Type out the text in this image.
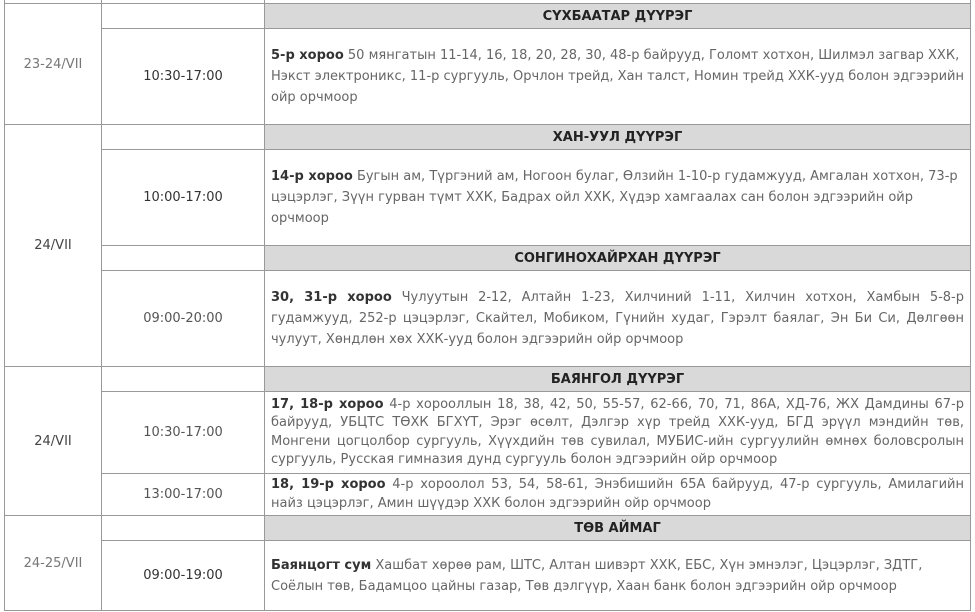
23-24/VII		СҮХБААТАР ДҮҮРЭГ
	10:30-17:00	5-р хороо 50 мянгатын 11-14, 16, 18, 20, 28, 30, 48-р байрууд, Голомт хотхон, Шилмэл загвар ХХК, Нэкст электроникс, 11-р сургууль, Орчлон трейд, Хан талст, Номин трейд ХХК-ууд болон эдгээрийн ойр орчмоор
24/VII		ХАН-УУЛ ДҮҮРЭГ
	10:00-17:00	14-р хороо Бугын ам, Түргэний ам, Ногоон булаг, Өлзийн 1-10-р гудамжууд, Амгалан хотхон, 73-р цэцэрлэг, Зүүн гурван түмт ХХК, Бадрах ойл ХХК, Хүдэр хамгаалах сан болон эдгээрийн ойр орчмоор
		СОНГИНОХАЙРХАН ДҮҮРЭГ
	09:00-20:00	30, 31-р хороо Чулуутын 2-12, Алтайн 1-23, Хилчиний 1-11, Хилчин хотхон, Хамбын 5-8-р гудамжууд, 252-р цэцэрлэг, Скайтел, Мобиком, Гүнийн худаг, Гэрэлт баялаг, Эн Би Си, Дөлгөөн чулуут, Хөндлөн хөх ХХК-ууд болон эдгээрийн ойр орчмоор
24/VII		БАЯНГОЛ ДҮҮРЭГ
	10:30-17:00	17, 18-р хороо 4-р хорооллын 18, 38, 42, 50, 55-57, 62-66, 70, 71, 86А, ХД-76, ЖХ Дамдины 67-р байрууд, УБЦТС ТӨХК БГХҮТ, Эрэг өсөлт, Дэлгэр хүр трейд ХХК-ууд, БГД эрүүл мэндийн төв, Монгени цогцолбор сургууль, Хүүхдийн төв сувилал, МУБИС-ийн сургуулийн өмнөх боловсролын сургууль, Русская гимназия дунд сургууль болон эдгээрийн ойр орчмоор
	13:00-17:00	18, 19-р хороо 4-р хороолол 53, 54, 58-61, Энэбишийн 65А байрууд, 47-р сургууль, Амилагийн найз цэцэрлэг, Амин шүүдэр ХХК болон эдгээрийн ойр орчмоор
24-25/VII		ТӨВ АЙМАГ
	09:00-19:00	Баянцогт сум Хашбат хөрөө рам, ШТС, Алтан шивэрт ХХК, ЕБС, Хүн эмнэлэг, Цэцэрлэг, ЗДТГ, Соёлын төв, Бадамцоо цайны газар, Төв дэлгүүр, Хаан банк болон эдгээрийн ойр орчмоор
